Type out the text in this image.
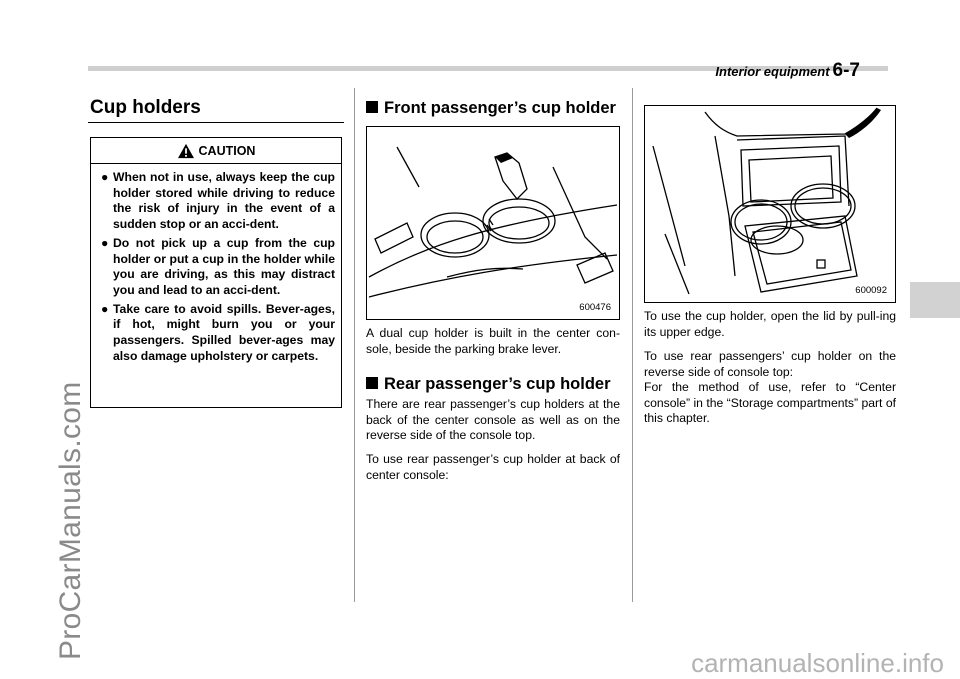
Interior equipment 6-7
ProCarManuals.com
carmanualsonline.info
Cup holders
CAUTION
● When not in use, always keep the cup holder stored while driving to reduce the risk of injury in the event of a sudden stop or an acci-dent.
● Do not pick up a cup from the cup holder or put a cup in the holder while you are driving, as this may distract you and lead to an acci-dent.
● Take care to avoid spills. Bever-ages, if hot, might burn you or your passengers. Spilled bever-ages may also damage upholstery or carpets.
Front passenger’s cup holder
600476
A dual cup holder is built in the center con-sole, beside the parking brake lever.
Rear passenger’s cup holder
There are rear passenger’s cup holders at the back of the center console as well as on the reverse side of the console top.
To use rear passenger’s cup holder at back of center console:
600092
To use the cup holder, open the lid by pull-ing its upper edge.
To use rear passengers’ cup holder on the reverse side of console top:
For the method of use, refer to “Center console” in the “Storage compartments” part of this chapter.
